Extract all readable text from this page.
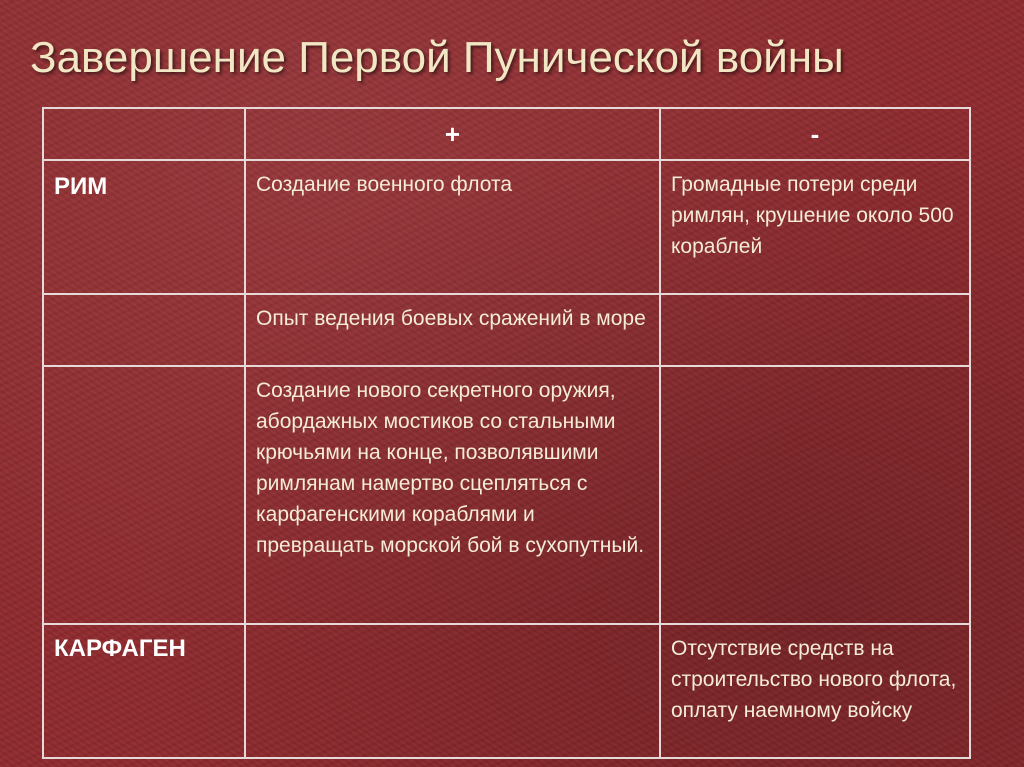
Завершение Первой Пунической войны
	+	-
РИМ	Создание военного флота	Громадные потери среди римлян, крушение около 500 кораблей
	Опыт ведения боевых сражений в море	
	Создание нового секретного оружия, абордажных мостиков со стальными крючьями на конце, позволявшими римлянам намертво сцепляться с карфагенскими кораблями и превращать морской бой в сухопутный.	
КАРФАГЕН		Отсутствие средств на строительство нового флота, оплату наемному войску
